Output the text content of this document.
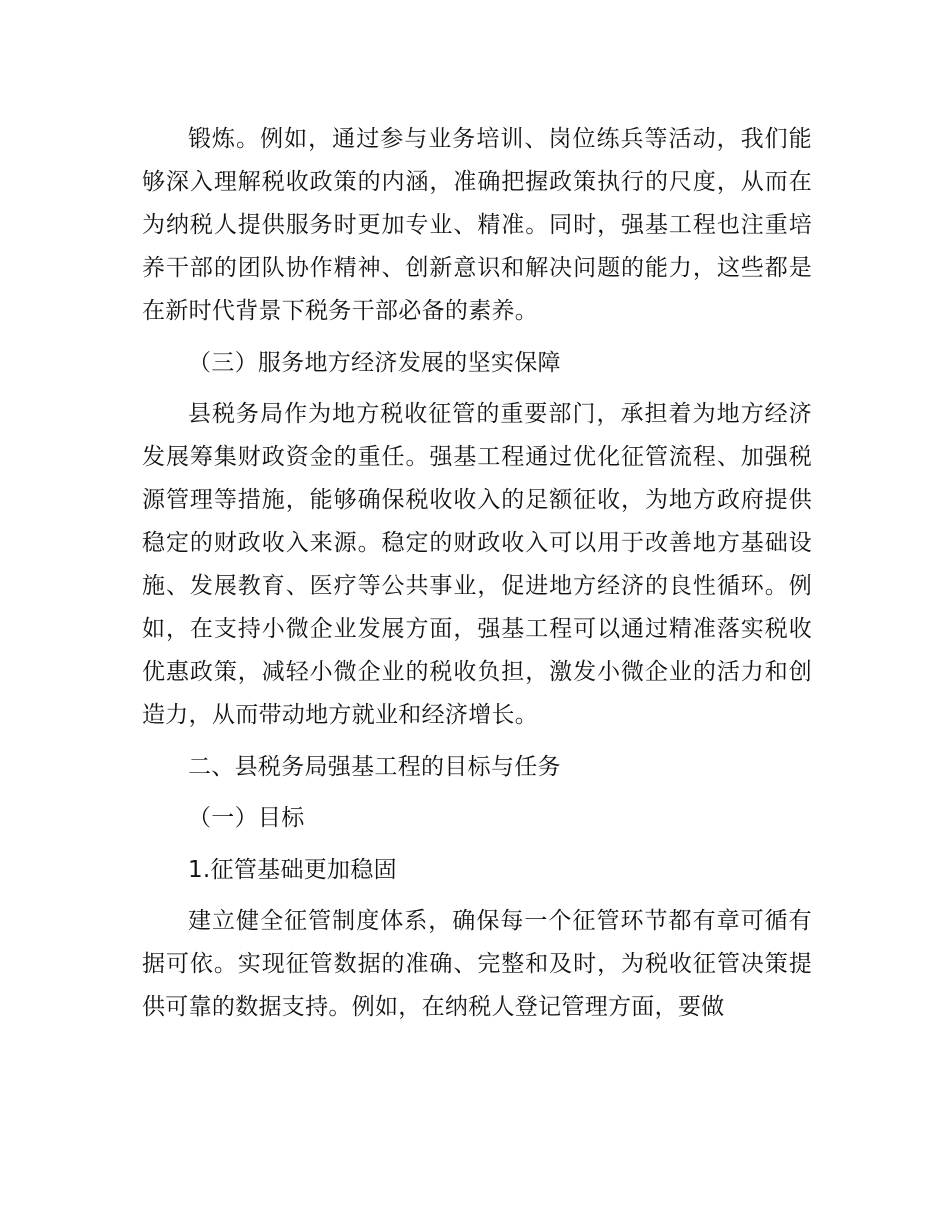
锻炼。例如，通过参与业务培训、岗位练兵等活动，我们能够深入理解税收政策的内涵，准确把握政策执行的尺度，从而在为纳税人提供服务时更加专业、精准。同时，强基工程也注重培养干部的团队协作精神、创新意识和解决问题的能力，这些都是在新时代背景下税务干部必备的素养。

（三）服务地方经济发展的坚实保障

县税务局作为地方税收征管的重要部门，承担着为地方经济发展筹集财政资金的重任。强基工程通过优化征管流程、加强税源管理等措施，能够确保税收收入的足额征收，为地方政府提供稳定的财政收入来源。稳定的财政收入可以用于改善地方基础设施、发展教育、医疗等公共事业，促进地方经济的良性循环。例如，在支持小微企业发展方面，强基工程可以通过精准落实税收优惠政策，减轻小微企业的税收负担，激发小微企业的活力和创造力，从而带动地方就业和经济增长。

二、县税务局强基工程的目标与任务

（一）目标

1.征管基础更加稳固

建立健全征管制度体系，确保每一个征管环节都有章可循有据可依。实现征管数据的准确、完整和及时，为税收征管决策提供可靠的数据支持。例如，在纳税人登记管理方面，要做
